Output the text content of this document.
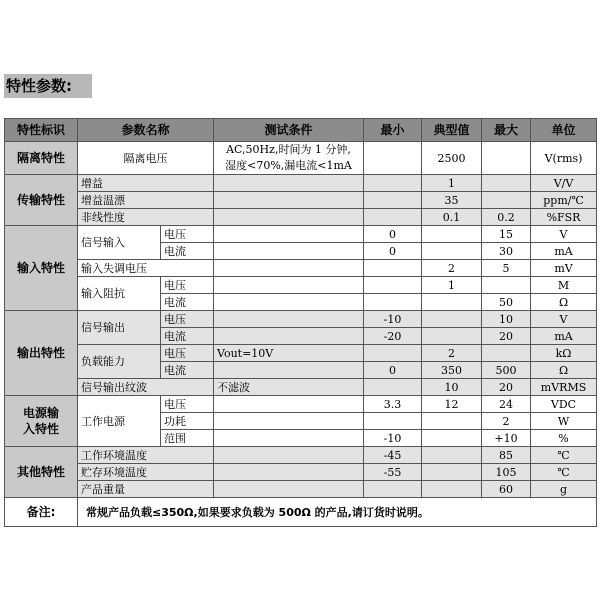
特性参数:
特性标识	参数名称		测试条件	最小	典型值	最大	单位
隔离特性	隔离电压		AC,50Hz,时间为 1 分钟,
湿度<70%,漏电流<1mA		2500		V(rms)
传输特性	增益				1		V/V
	增益温漂				35		ppm/℃
	非线性度				0.1	0.2	%FSR
输入特性	信号输入	电压		0		15	V
		电流		0		30	mA
	输入失调电压				2	5	mV
	输入阻抗	电压			1		M
		电流				50	Ω
输出特性	信号输出	电压		-10		10	V
		电流		-20		20	mA
	负载能力	电压	Vout=10V		2		kΩ
		电流		0	350	500	Ω
	信号输出纹波		不滤波		10	20	mVRMS
电源输
入特性	工作电源	电压		3.3	12	24	VDC
		功耗				2	W
		范围		-10		+10	%
其他特性	工作环境温度			-45		85	℃
	贮存环境温度			-55		105	℃
	产品重量					60	g
备注:	常规产品负载≤350Ω,如果要求负载为 500Ω 的产品,请订货时说明。						
